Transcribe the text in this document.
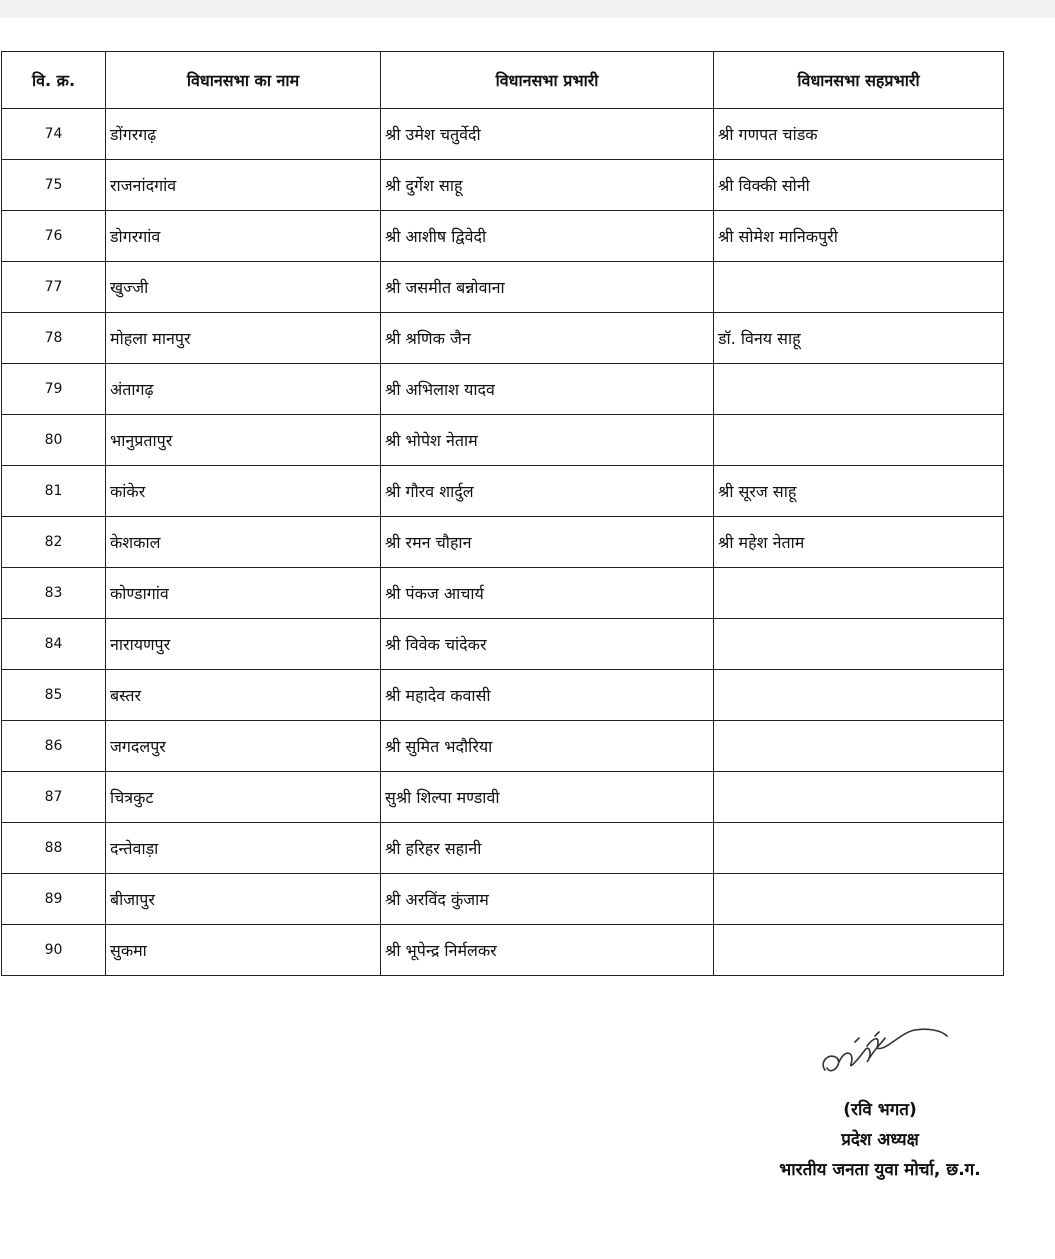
वि. क्र.	विधानसभा का नाम	विधानसभा प्रभारी	विधानसभा सहप्रभारी
74	डोंगरगढ़	श्री उमेश चतुर्वेदी	श्री गणपत चांडक
75	राजनांदगांव	श्री दुर्गेश साहू	श्री विक्की सोनी
76	डोगरगांव	श्री आशीष द्विवेदी	श्री सोमेश मानिकपुरी
77	खुज्जी	श्री जसमीत बन्नोवाना	
78	मोहला मानपुर	श्री श्रणिक जैन	डॉ. विनय साहू
79	अंतागढ़	श्री अभिलाश यादव	
80	भानुप्रतापुर	श्री भोपेश नेताम	
81	कांकेर	श्री गौरव शार्दुल	श्री सूरज साहू
82	केशकाल	श्री रमन चौहान	श्री महेश नेताम
83	कोण्डागांव	श्री पंकज आचार्य	
84	नारायणपुर	श्री विवेक चांदेकर	
85	बस्तर	श्री महादेव कवासी	
86	जगदलपुर	श्री सुमित भदौरिया	
87	चित्रकुट	सुश्री शिल्पा मण्डावी	
88	दन्तेवाड़ा	श्री हरिहर सहानी	
89	बीजापुर	श्री अरविंद कुंजाम	
90	सुकमा	श्री भूपेन्द्र निर्मलकर	
(रवि भगत)
प्रदेश अध्यक्ष
भारतीय जनता युवा मोर्चा, छ.ग.
